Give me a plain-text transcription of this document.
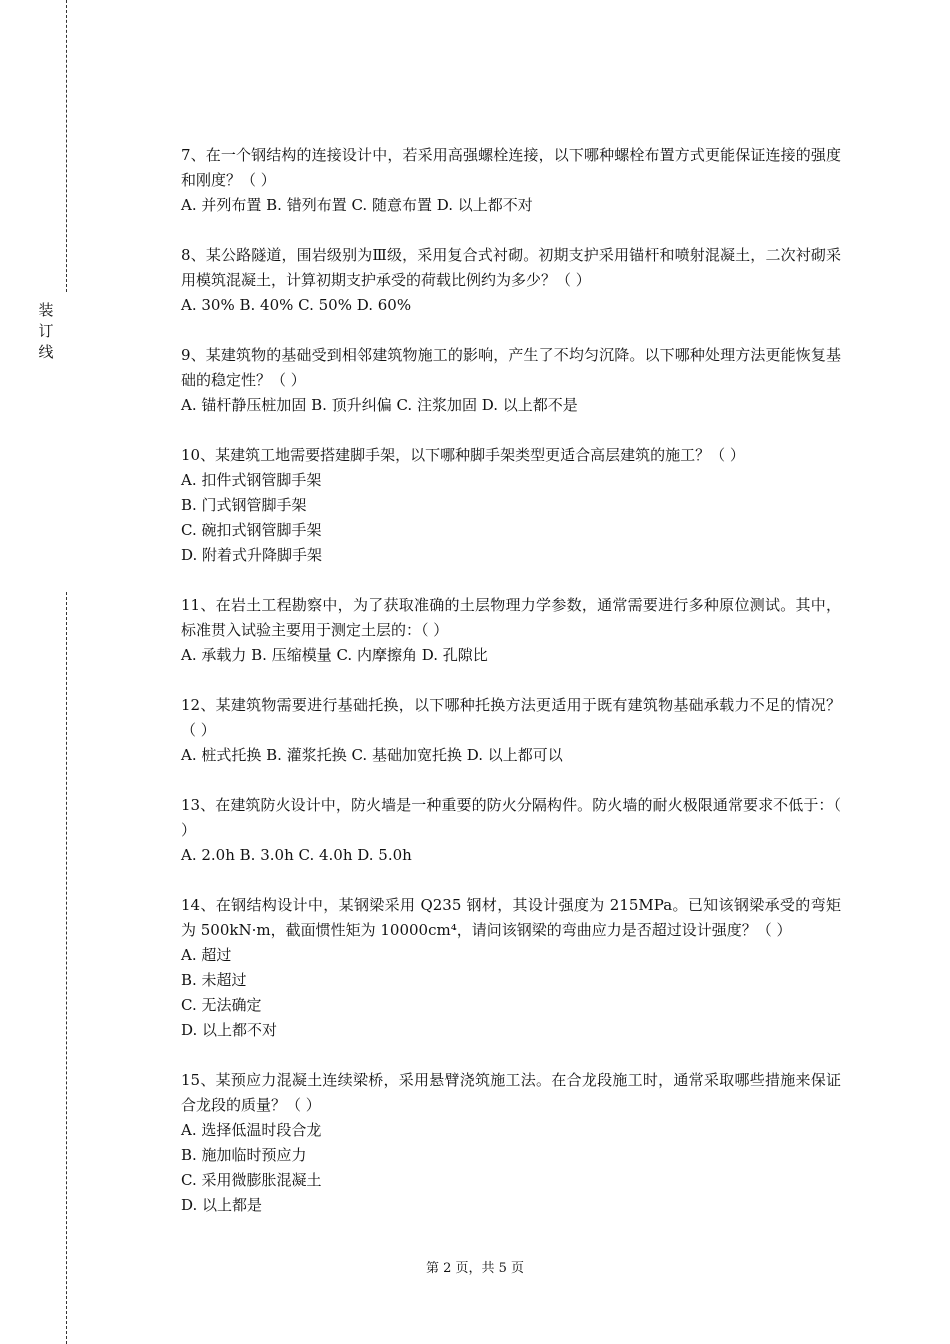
装
订
线
7、在一个钢结构的连接设计中，若采用高强螺栓连接，以下哪种螺栓布置方式更能保证连接的强度和刚度？（ ）
A. 并列布置 B. 错列布置 C. 随意布置 D. 以上都不对
8、某公路隧道，围岩级别为Ⅲ级，采用复合式衬砌。初期支护采用锚杆和喷射混凝土，二次衬砌采用模筑混凝土，计算初期支护承受的荷载比例约为多少？（ ）
A. 30% B. 40% C. 50% D. 60%
9、某建筑物的基础受到相邻建筑物施工的影响，产生了不均匀沉降。以下哪种处理方法更能恢复基础的稳定性？（ ）
A. 锚杆静压桩加固 B. 顶升纠偏 C. 注浆加固 D. 以上都不是
10、某建筑工地需要搭建脚手架，以下哪种脚手架类型更适合高层建筑的施工？（ ）
A. 扣件式钢管脚手架
B. 门式钢管脚手架
C. 碗扣式钢管脚手架
D. 附着式升降脚手架
11、在岩土工程勘察中，为了获取准确的土层物理力学参数，通常需要进行多种原位测试。其中，标准贯入试验主要用于测定土层的：（ ）
A. 承载力 B. 压缩模量 C. 内摩擦角 D. 孔隙比
12、某建筑物需要进行基础托换，以下哪种托换方法更适用于既有建筑物基础承载力不足的情况？（ ）
A. 桩式托换 B. 灌浆托换 C. 基础加宽托换 D. 以上都可以
13、在建筑防火设计中，防火墙是一种重要的防火分隔构件。防火墙的耐火极限通常要求不低于：（ ）
A. 2.0h B. 3.0h C. 4.0h D. 5.0h
14、在钢结构设计中，某钢梁采用 Q235 钢材，其设计强度为 215MPa。已知该钢梁承受的弯矩为 500kN·m，截面惯性矩为 10000cm⁴，请问该钢梁的弯曲应力是否超过设计强度？（ ）
A. 超过
B. 未超过
C. 无法确定
D. 以上都不对
15、某预应力混凝土连续梁桥，采用悬臂浇筑施工法。在合龙段施工时，通常采取哪些措施来保证合龙段的质量？（ ）
A. 选择低温时段合龙
B. 施加临时预应力
C. 采用微膨胀混凝土
D. 以上都是
第 2 页，共 5 页
